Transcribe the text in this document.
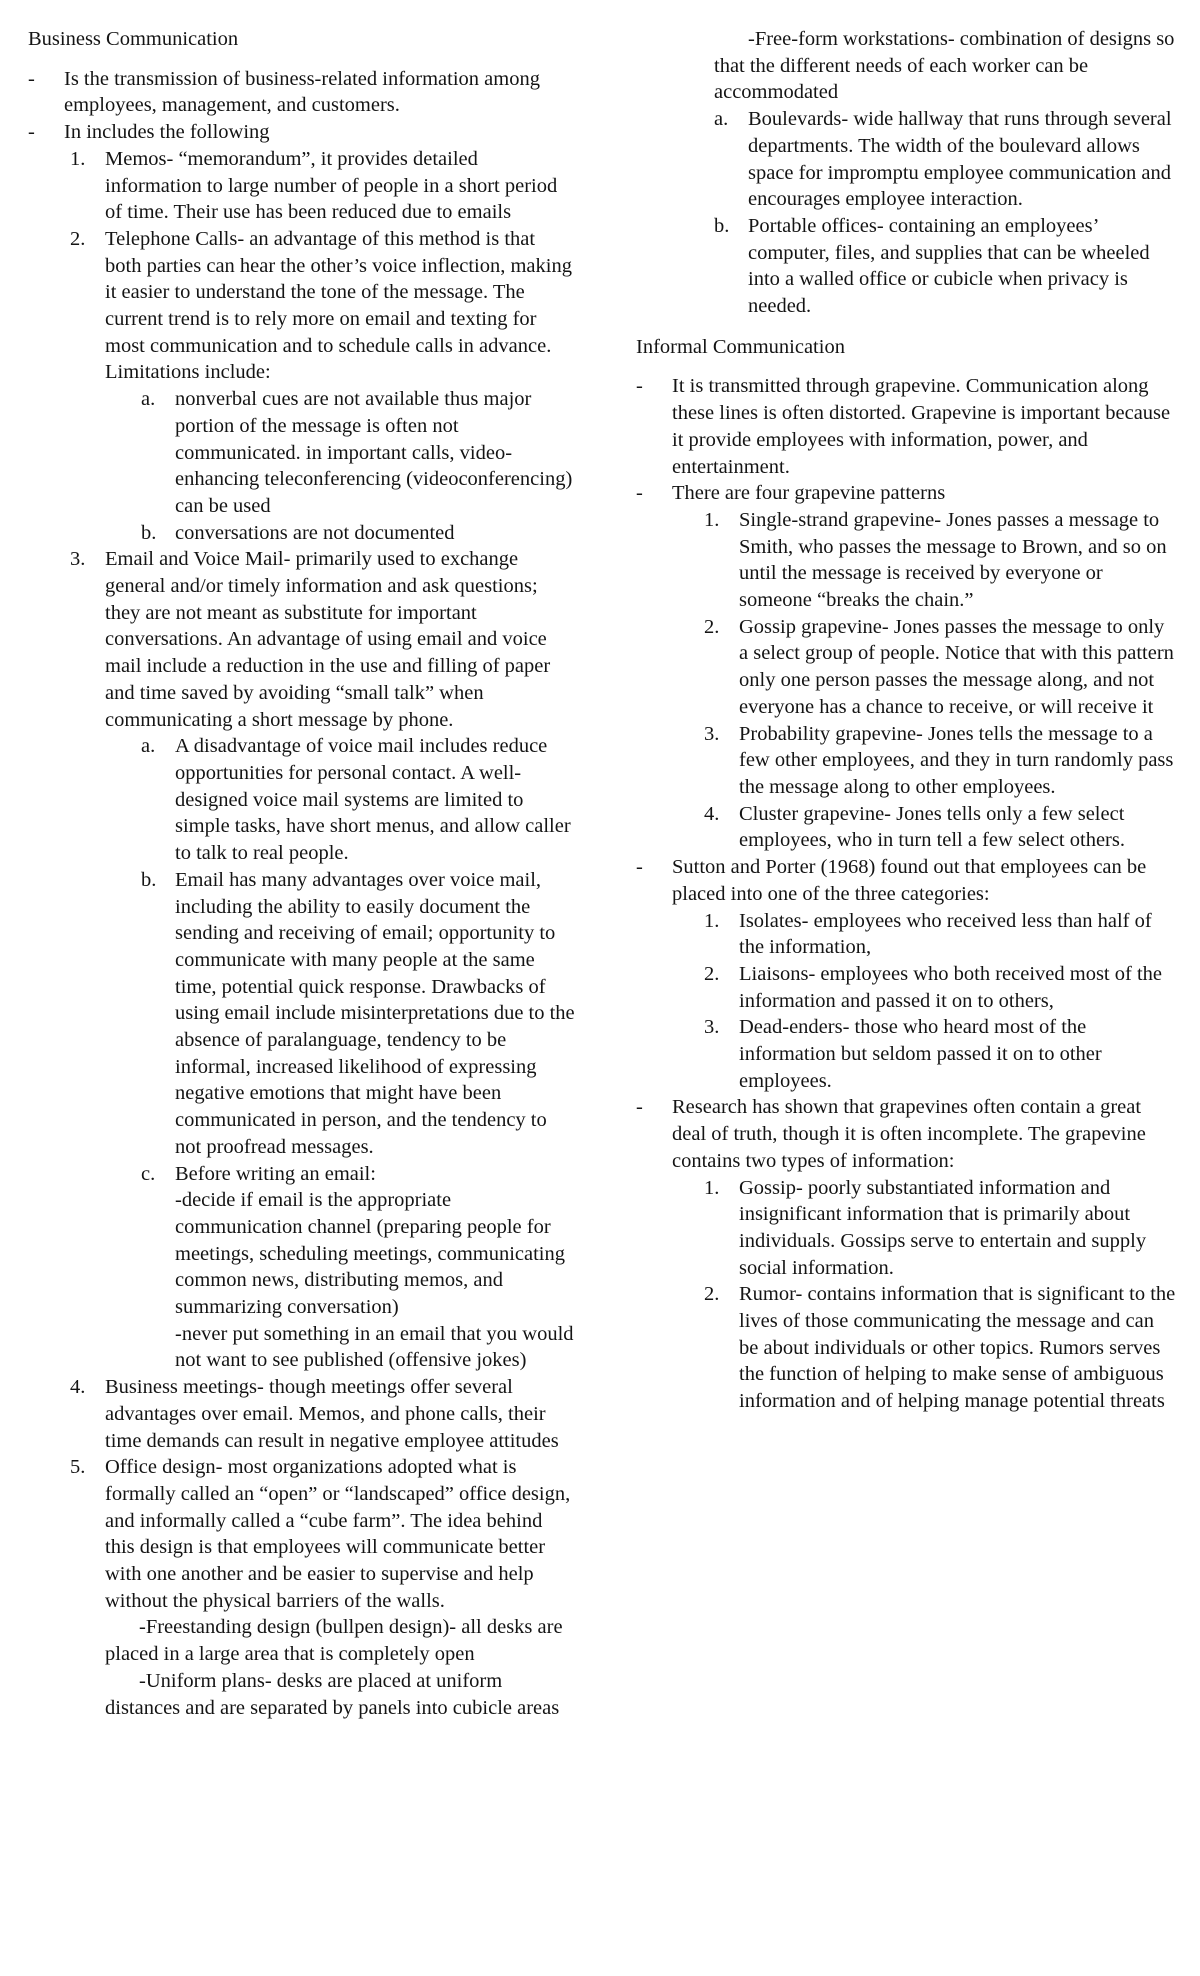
Business Communication
- Is the transmission of business-related information among employees, management, and customers.
- In includes the following
1. Memos- “memorandum”, it provides detailed information to large number of people in a short period of time. Their use has been reduced due to emails
2. Telephone Calls- an advantage of this method is that both parties can hear the other’s voice inflection, making it easier to understand the tone of the message. The current trend is to rely more on email and texting for most communication and to schedule calls in advance. Limitations include:
a. nonverbal cues are not available thus major portion of the message is often not communicated. in important calls, video-enhancing teleconferencing (videoconferencing) can be used
b. conversations are not documented
3. Email and Voice Mail- primarily used to exchange general and/or timely information and ask questions; they are not meant as substitute for important conversations. An advantage of using email and voice mail include a reduction in the use and filling of paper and time saved by avoiding “small talk” when communicating a short message by phone.
a. A disadvantage of voice mail includes reduce opportunities for personal contact. A well-designed voice mail systems are limited to simple tasks, have short menus, and allow caller to talk to real people.
b. Email has many advantages over voice mail, including the ability to easily document the sending and receiving of email; opportunity to communicate with many people at the same time, potential quick response. Drawbacks of using email include misinterpretations due to the absence of paralanguage, tendency to be informal, increased likelihood of expressing negative emotions that might have been communicated in person, and the tendency to not proofread messages.
c. Before writing an email:
-decide if email is the appropriate communication channel (preparing people for meetings, scheduling meetings, communicating common news, distributing memos, and summarizing conversation)
-never put something in an email that you would not want to see published (offensive jokes)
4. Business meetings- though meetings offer several advantages over email. Memos, and phone calls, their time demands can result in negative employee attitudes
5. Office design- most organizations adopted what is formally called an “open” or “landscaped” office design, and informally called a “cube farm”. The idea behind this design is that employees will communicate better with one another and be easier to supervise and help without the physical barriers of the walls.
-Freestanding design (bullpen design)- all desks are placed in a large area that is completely open
-Uniform plans- desks are placed at uniform distances and are separated by panels into cubicle areas
-Free-form workstations- combination of designs so that the different needs of each worker can be accommodated
a. Boulevards- wide hallway that runs through several departments. The width of the boulevard allows space for impromptu employee communication and encourages employee interaction.
b. Portable offices- containing an employees’ computer, files, and supplies that can be wheeled into a walled office or cubicle when privacy is needed.
Informal Communication
- It is transmitted through grapevine. Communication along these lines is often distorted. Grapevine is important because it provide employees with information, power, and entertainment.
- There are four grapevine patterns
1. Single-strand grapevine- Jones passes a message to Smith, who passes the message to Brown, and so on until the message is received by everyone or someone “breaks the chain.”
2. Gossip grapevine- Jones passes the message to only a select group of people. Notice that with this pattern only one person passes the message along, and not everyone has a chance to receive, or will receive it
3. Probability grapevine- Jones tells the message to a few other employees, and they in turn randomly pass the message along to other employees.
4. Cluster grapevine- Jones tells only a few select employees, who in turn tell a few select others.
- Sutton and Porter (1968) found out that employees can be placed into one of the three categories:
1. Isolates- employees who received less than half of the information,
2. Liaisons- employees who both received most of the information and passed it on to others,
3. Dead-enders- those who heard most of the information but seldom passed it on to other employees.
- Research has shown that grapevines often contain a great deal of truth, though it is often incomplete. The grapevine contains two types of information:
1. Gossip- poorly substantiated information and insignificant information that is primarily about individuals. Gossips serve to entertain and supply social information.
2. Rumor- contains information that is significant to the lives of those communicating the message and can be about individuals or other topics. Rumors serves the function of helping to make sense of ambiguous information and of helping manage potential threats
